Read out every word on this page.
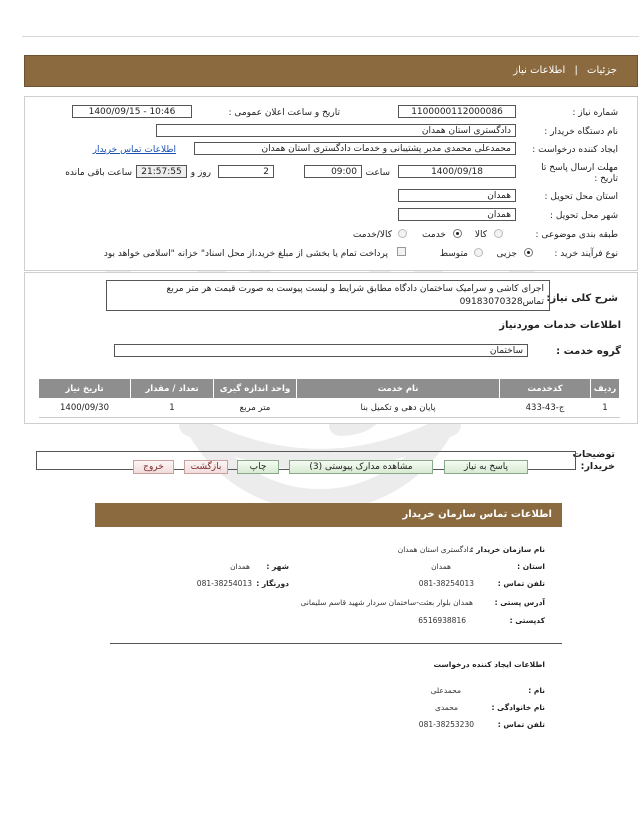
جزئیات | اطلاعات نیاز
شماره نیاز :
1100000112000086
تاریخ و ساعت اعلان عمومی :
1400/09/15 - 10:46
نام دستگاه خریدار :
دادگستری استان همدان
ایجاد کننده درخواست :
محمدعلی محمدی مدیر پشتیبانی و خدمات دادگستری استان همدان
اطلاعات تماس خریدار
مهلت ارسال پاسخ تا تاریخ :
1400/09/18
ساعت
09:00
2
روز و
21:57:55
ساعت باقی مانده
استان محل تحویل :
همدان
شهر محل تحویل :
همدان
طبقه بندی موضوعی :
کالا
خدمت
کالا/خدمت
نوع فرآیند خرید :
جزیی
متوسط
پرداخت تمام یا بخشی از مبلغ خرید،از محل اسناد" خزانه "اسلامی خواهد بود
شرح کلی نیاز:
اجرای کاشی و سرامیک ساختمان دادگاه مطابق شرایط و لیست پیوست به صورت قیمت هر متر مربع
تماس09183070328
اطلاعات خدمات موردنیاز
گروه خدمت :
ساختمان
ردیف	کدخدمت	نام خدمت	واحد اندازه گیری	تعداد / مقدار	تاریخ نیاز
1	ج-43-433	پایان دهی و تکمیل بنا	متر مربع	1	1400/09/30
توضیحات
خریدار:
پاسخ به نیاز
مشاهده مدارک پیوستی (3)
چاپ
بازگشت
خروج
اطلاعات تماس سازمان خریدار
نام سازمان خریدار :
دادگستری استان همدان
استان :
همدان
شهر :
همدان
تلفن تماس :
081-38254013
دورنگار :
081-38254013
آدرس پستی :
همدان بلوار بعثت-ساختمان سردار شهید قاسم سلیمانی
کدپستی :
6516938816
اطلاعات ایجاد کننده درخواست
نام :
محمدعلی
نام خانوادگی :
محمدی
تلفن تماس :
081-38253230
